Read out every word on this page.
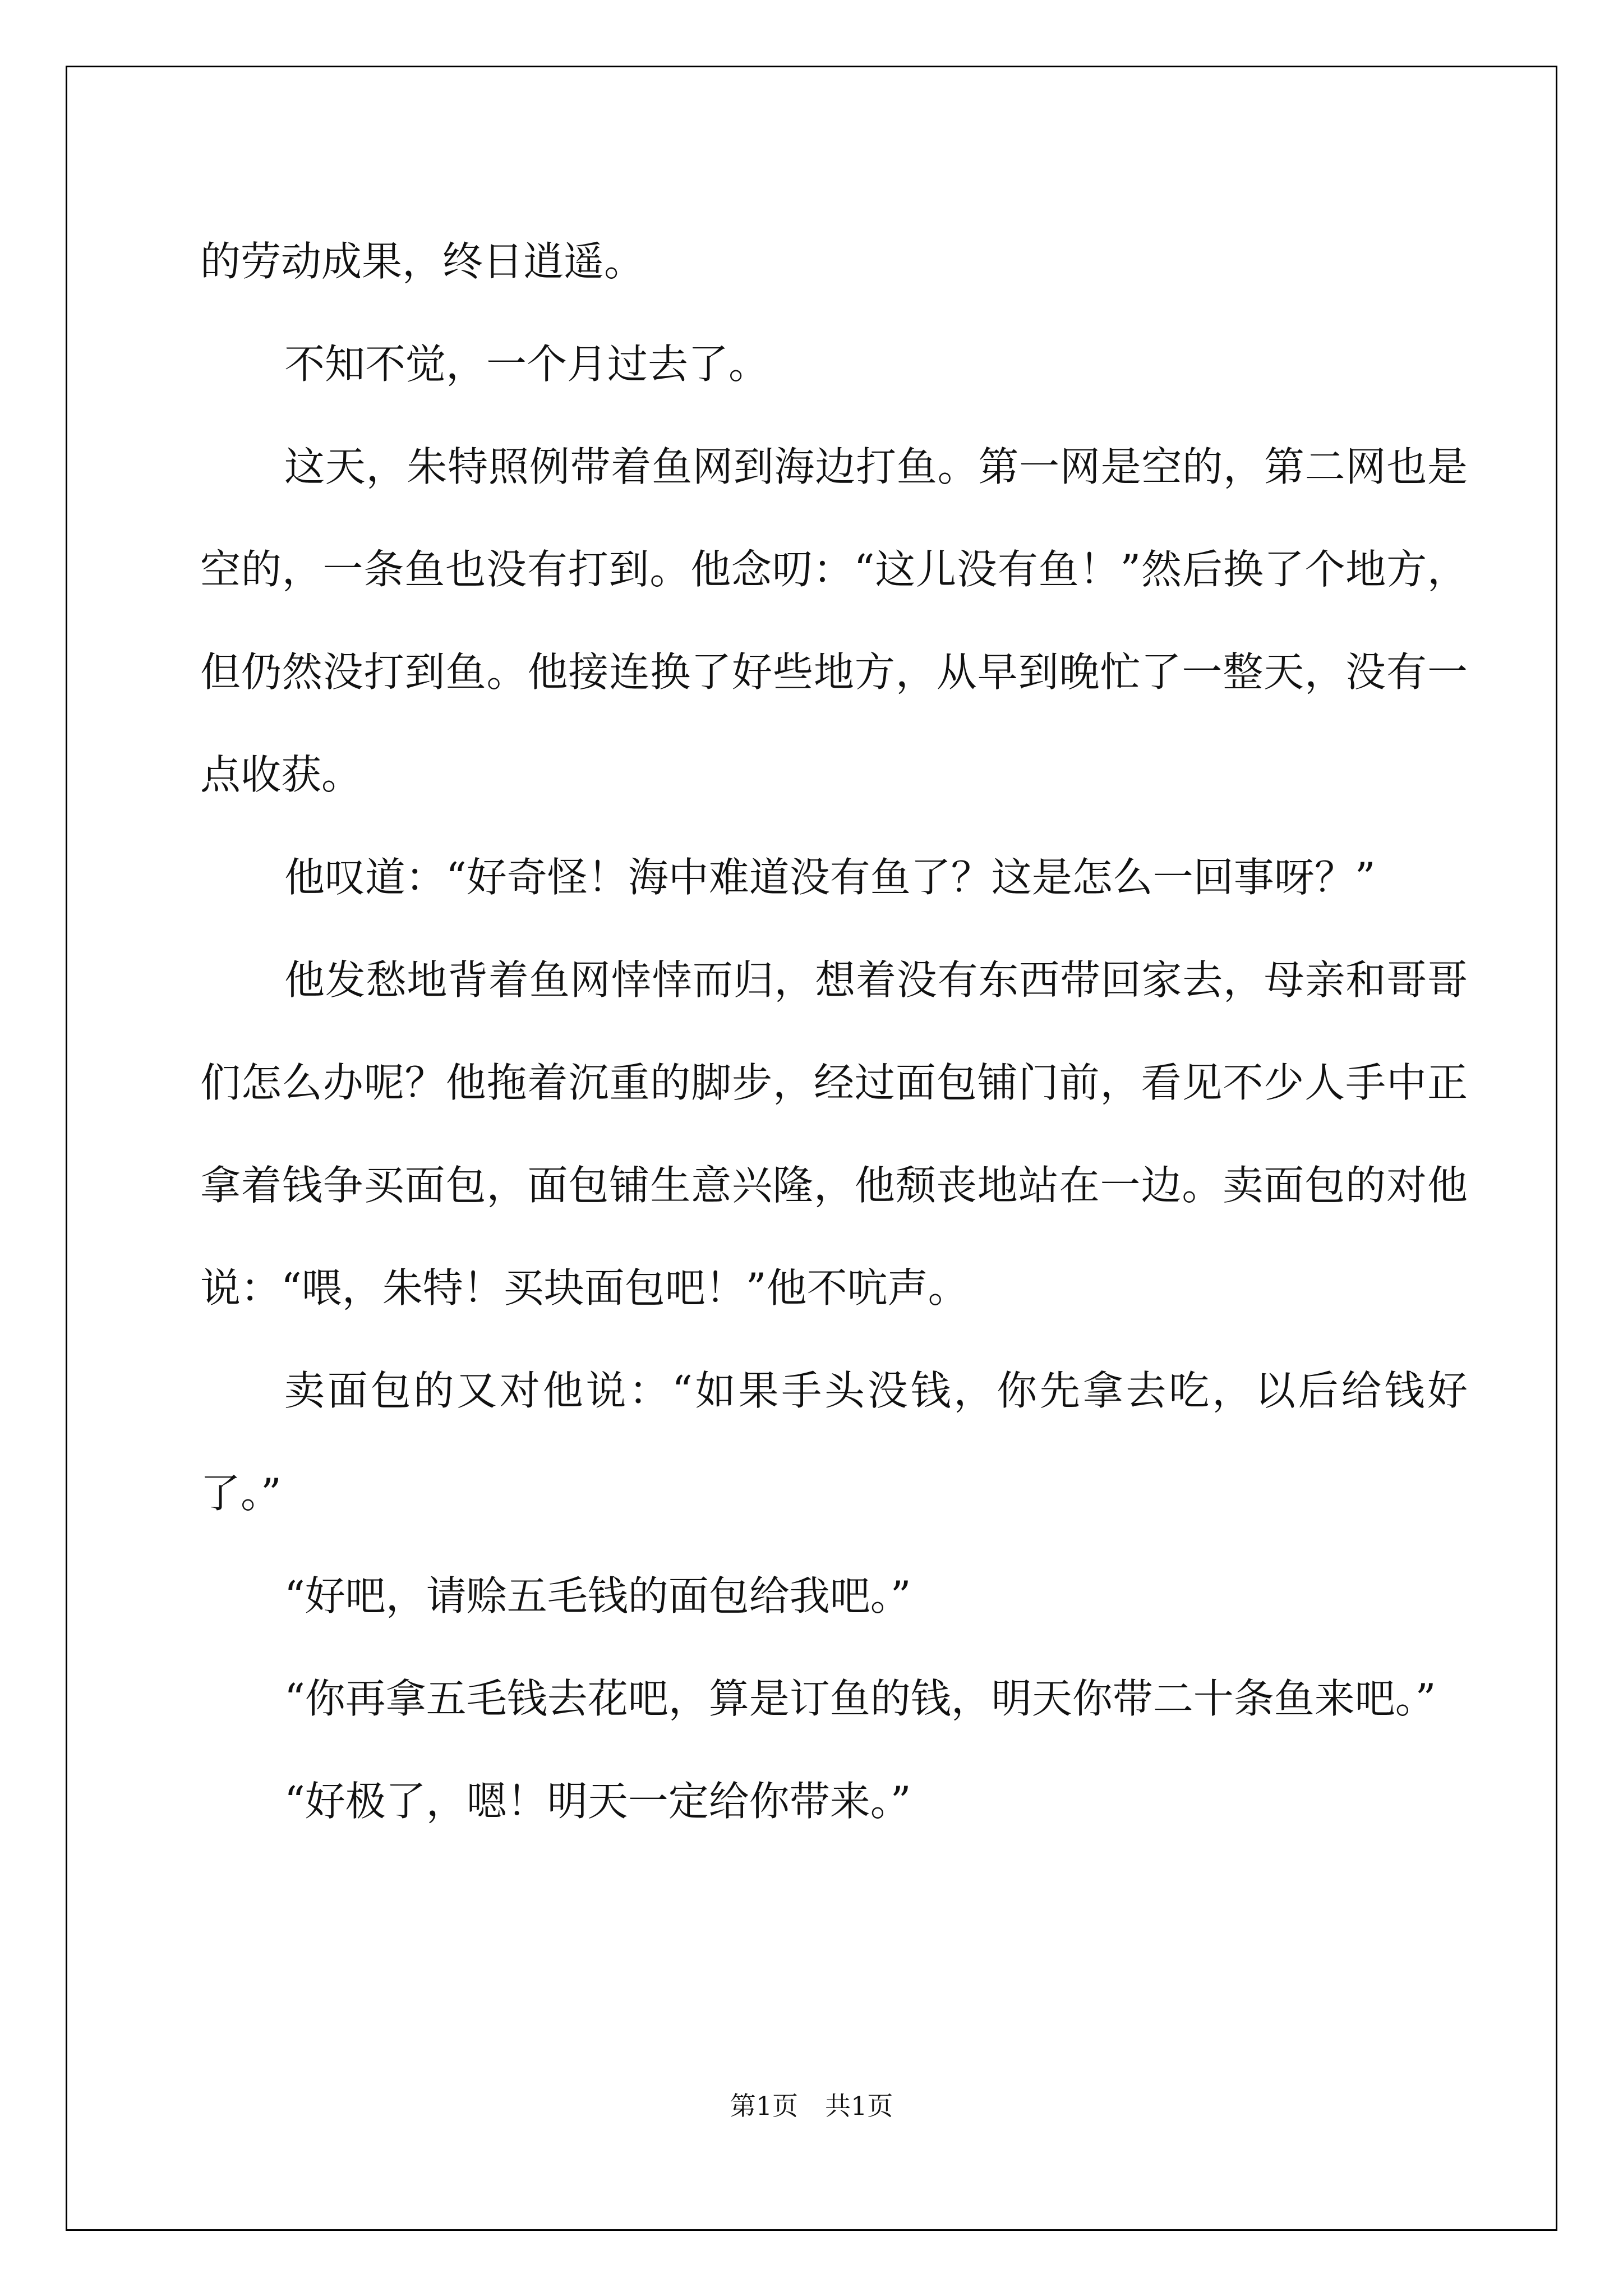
的劳动成果，终日逍遥。

不知不觉，一个月过去了。

这天，朱特照例带着鱼网到海边打鱼。第一网是空的，第二网也是空的，一条鱼也没有打到。他念叨：“这儿没有鱼！”然后换了个地方，但仍然没打到鱼。他接连换了好些地方，从早到晚忙了一整天，没有一点收获。

他叹道：“好奇怪！海中难道没有鱼了？这是怎么一回事呀？”

他发愁地背着鱼网悻悻而归，想着没有东西带回家去，母亲和哥哥们怎么办呢？他拖着沉重的脚步，经过面包铺门前，看见不少人手中正拿着钱争买面包，面包铺生意兴隆，他颓丧地站在一边。卖面包的对他说：“喂，朱特！买块面包吧！”他不吭声。

卖面包的又对他说：“如果手头没钱，你先拿去吃，以后给钱好了。”

“好吧，请赊五毛钱的面包给我吧。”

“你再拿五毛钱去花吧，算是订鱼的钱，明天你带二十条鱼来吧。”

“好极了，嗯！明天一定给你带来。”

第1页 共1页
